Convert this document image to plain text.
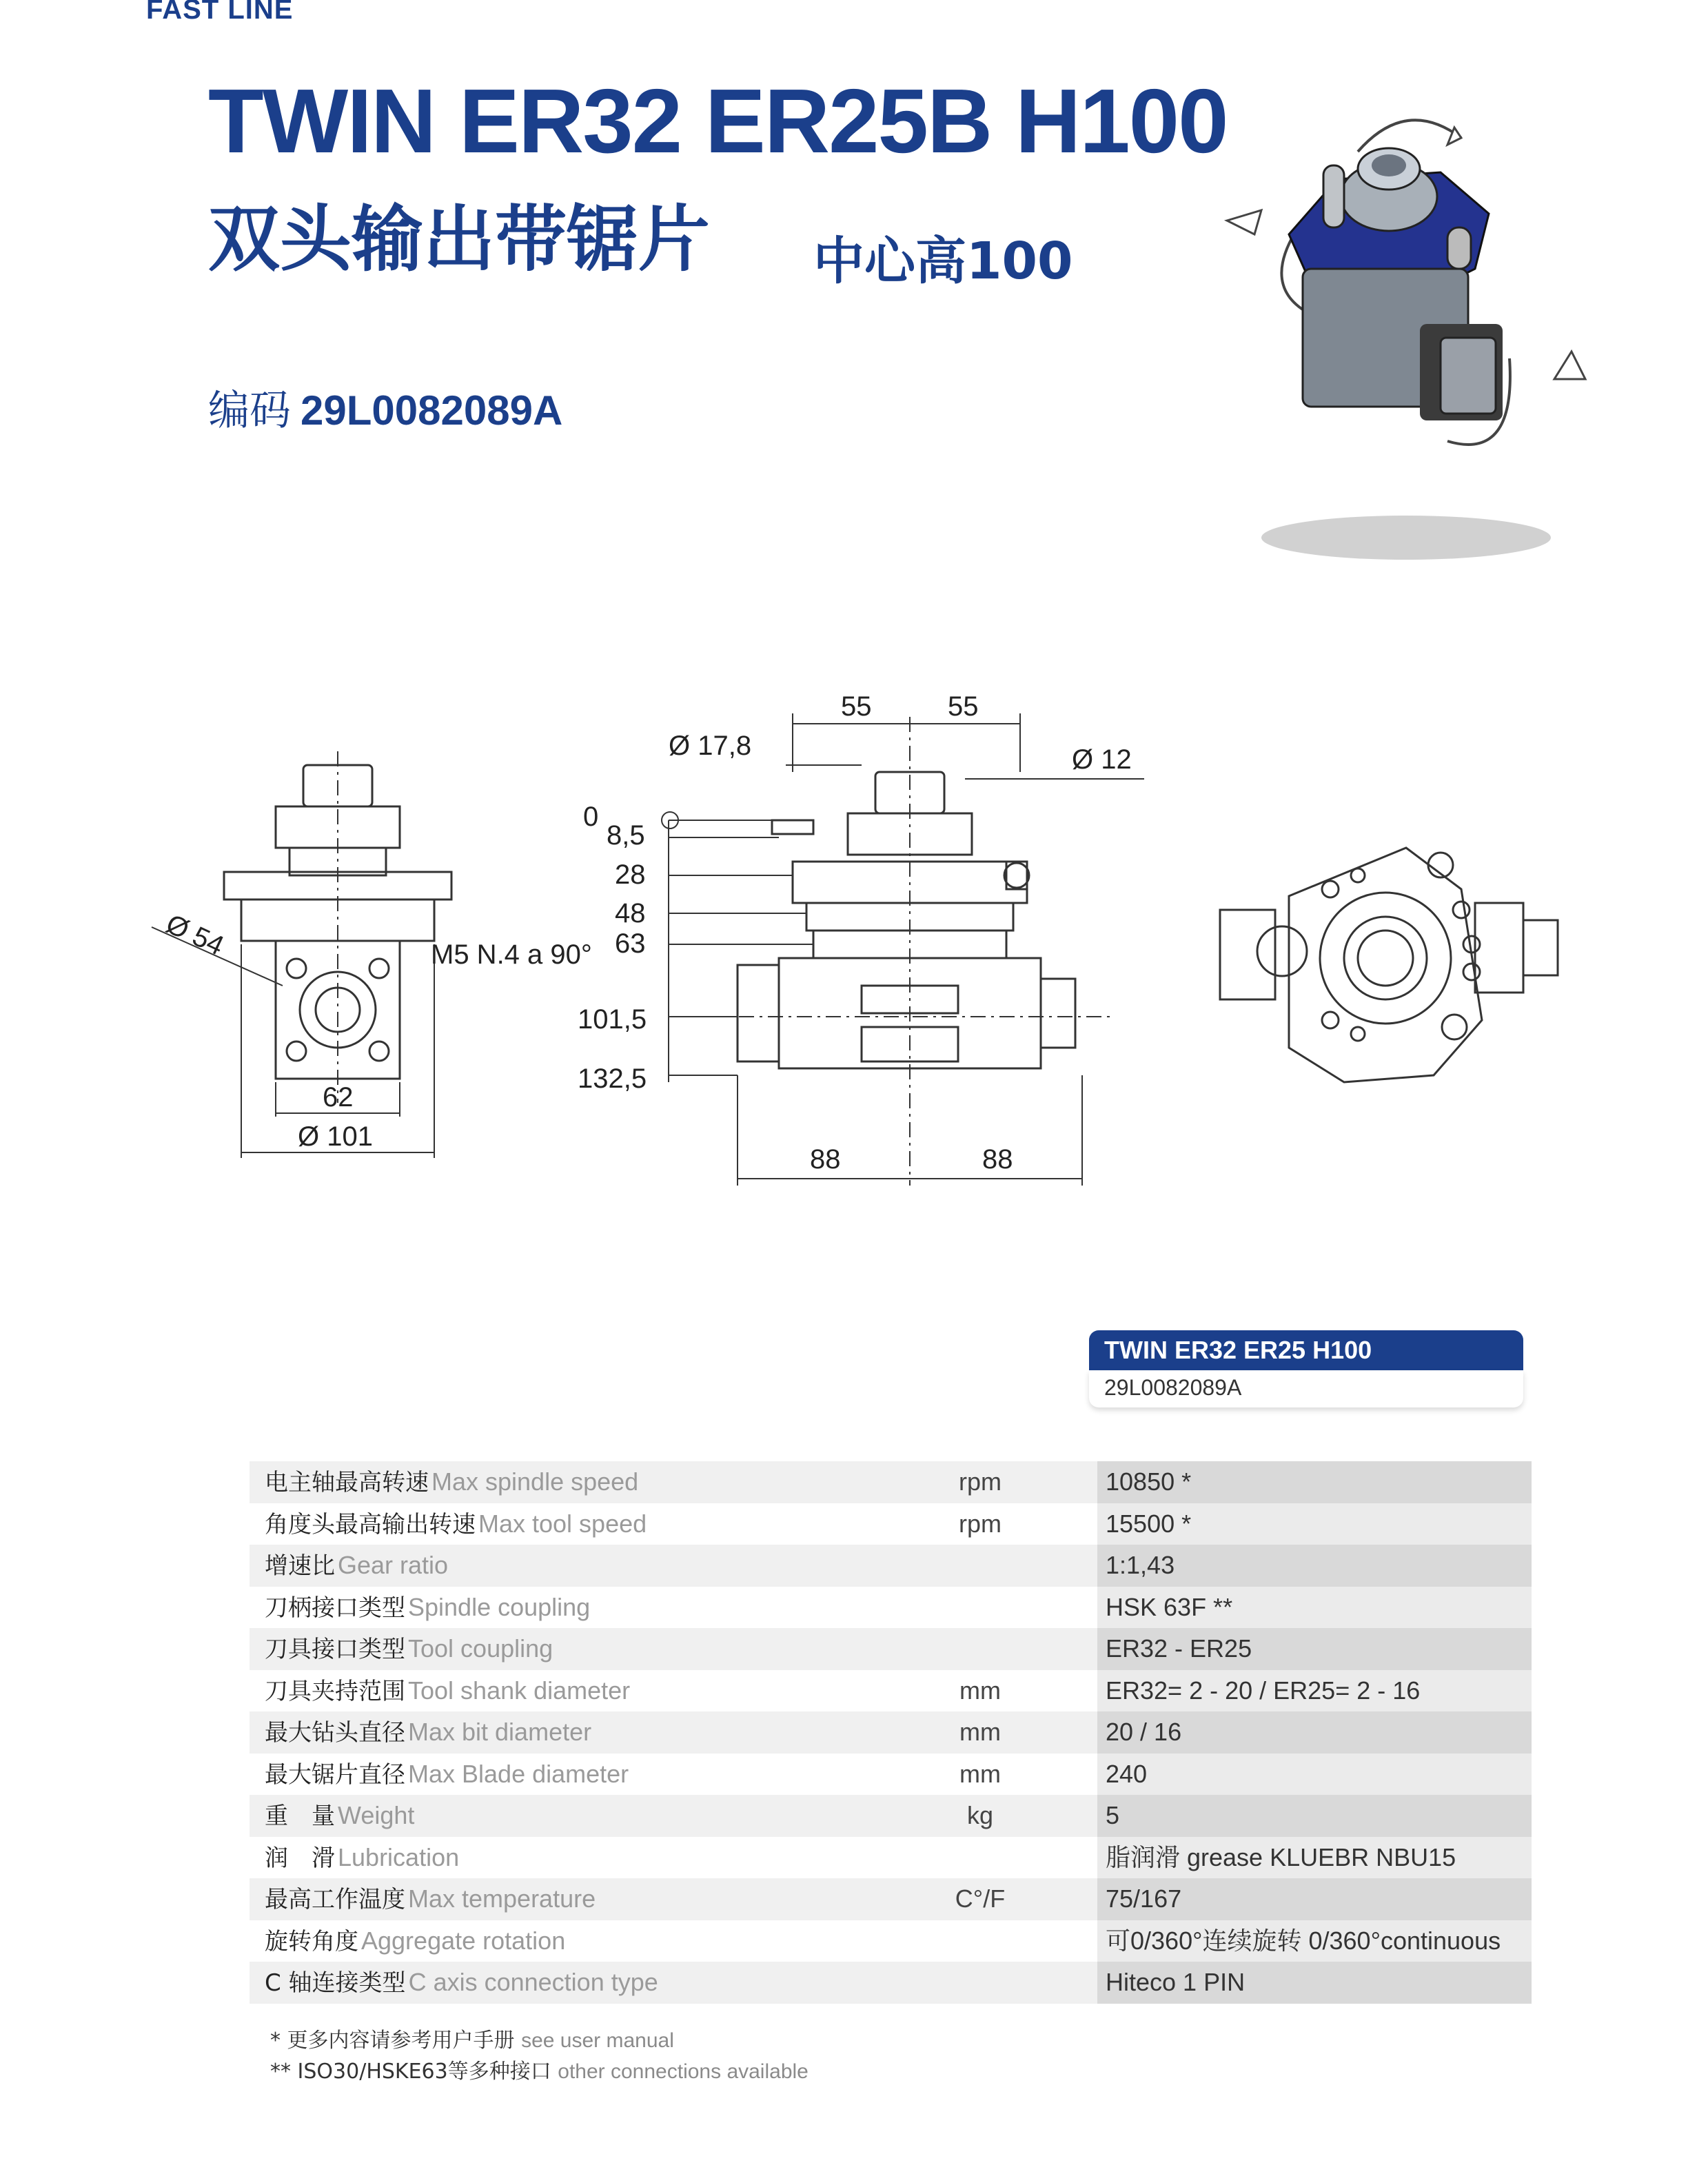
FAST LINE
TWIN ER32 ER25B H100
双头输出带锯片 中心高100
编码 29L0082089A
Ø 54	M5 N.4 a 90°
62
Ø 101
Ø 17,8
55	55
Ø 12
0
8,5
28
48
63
101,5
132,5
88	88
TWIN ER32 ER25 H100
29L0082089A
电主轴最高转速 Max spindle speed	rpm	10850 *
角度头最高输出转速 Max tool speed	rpm	15500 *
增速比 Gear ratio	1:1,43
刀柄接口类型 Spindle coupling	HSK 63F **
刀具接口类型 Tool coupling	ER32 - ER25
刀具夹持范围 Tool shank diameter	mm	ER32= 2 - 20 / ER25= 2 - 16
最大钻头直径 Max bit diameter	mm	20 / 16
最大锯片直径 Max Blade diameter	mm	240
重　量 Weight	kg	5
润　滑 Lubrication	脂润滑 grease KLUEBR NBU15
最高工作温度 Max temperature	C°/F	75/167
旋转角度 Aggregate rotation	可0/360°连续旋转 0/360°continuous
C 轴连接类型 C axis connection type	Hiteco 1 PIN
* 更多内容请参考用户手册 see user manual
** ISO30/HSKE63等多种接口 other connections available
